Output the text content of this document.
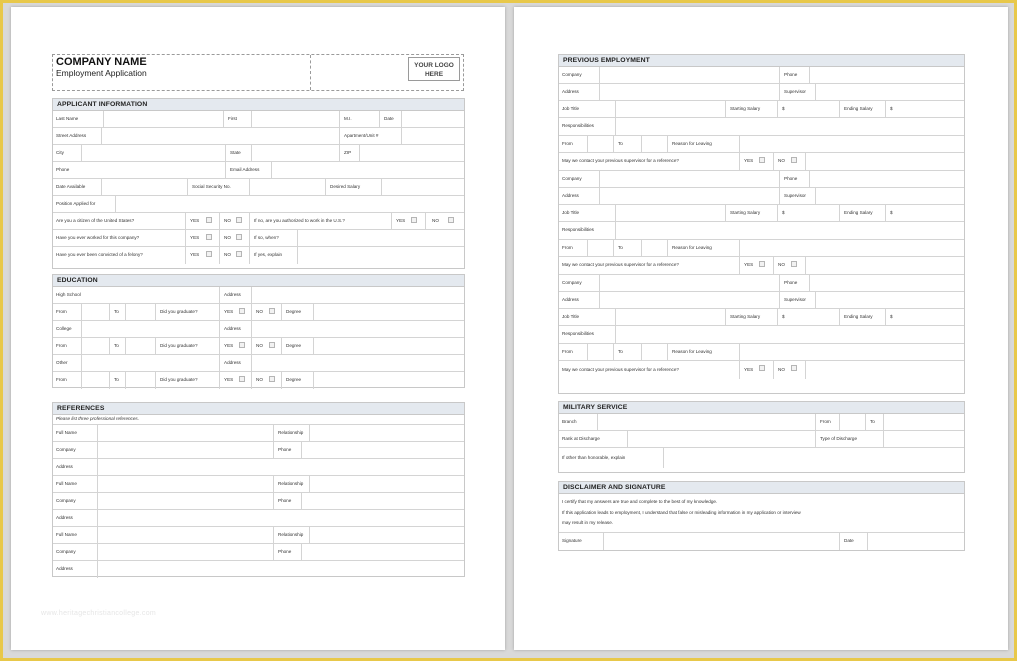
COMPANY NAME
Employment Application
YOUR LOGO
HERE
APPLICANT INFORMATION
Last Name	First	M.I.	Date
Street Address	Apartment/Unit #
City	State	ZIP
Phone	Email Address
Date Available	Social Security No.	Desired Salary
Position Applied for
Are you a citizen of the United States?	YES	NO	If no, are you authorized to work in the U.S.?	YES	NO
Have you ever worked for this company?	YES	NO	If so, when?
Have you ever been convicted of a felony?	YES	NO	If yes, explain
EDUCATION
High School	Address
From	To	Did you graduate?	YES	NO	Degree
College	Address
From	To	Did you graduate?	YES	NO	Degree
Other	Address
From	To	Did you graduate?	YES	NO	Degree
REFERENCES
Please list three professional references.
Full Name	Relationship
Company	Phone
Address
Full Name	Relationship
Company	Phone
Address
Full Name	Relationship
Company	Phone
Address
www.heritagechristiancollege.com
PREVIOUS EMPLOYMENT
Company	Phone
Address	Supervisor
Job Title	Starting Salary	$	Ending Salary	$
Responsibilities
From	To	Reason for Leaving
May we contact your previous supervisor for a reference?	YES	NO
Company	Phone
Address	Supervisor
Job Title	Starting Salary	$	Ending Salary	$
Responsibilities
From	To	Reason for Leaving
May we contact your previous supervisor for a reference?	YES	NO
Company	Phone
Address	Supervisor
Job Title	Starting Salary	$	Ending Salary	$
Responsibilities
From	To	Reason for Leaving
May we contact your previous supervisor for a reference?	YES	NO
MILITARY SERVICE
Branch	From	To
Rank at Discharge	Type of Discharge
If other than honorable, explain
DISCLAIMER AND SIGNATURE
I certify that my answers are true and complete to the best of my knowledge.
If this application leads to employment, I understand that false or misleading information in my application or interview
may result in my release.
Signature	Date
